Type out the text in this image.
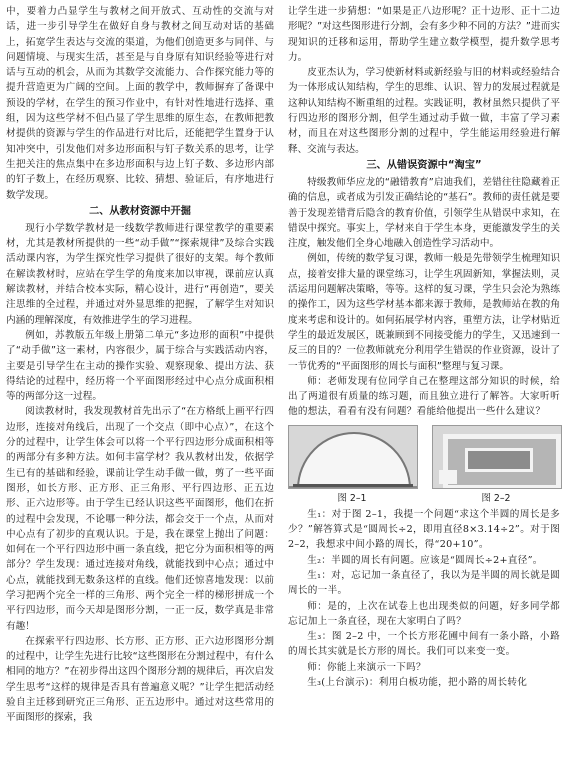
中，要着力凸显学生与教材之间开放式、互动性的交流与对话，进一步引导学生在做好自身与教材之间互动对话的基础上，拓宽学生表达与交流的渠道，为他们创造更多与同伴、与问题情境、与现实生活，甚至是与自身原有知识经验等进行对话与互动的机会，从而为其数学交流能力、合作探究能力等的提升营造更为广阔的空间。上面的教学中，教师摒弃了备课中预设的学材，在学生的预习作业中，有针对性地进行选择、重组，因为这些学材不但凸显了学生思维的原生态，在教师把教材提供的资源与学生的作品进行对比后，还能把学生置身于认知冲突中，引发他们对多边形面积与钉子数关系的思考，让学生把关注的焦点集中在多边形面积与边上钉子数、多边形内部的钉子数上，在经历观察、比较、猜想、验证后，有序地进行数学发现。

二、从教材资源中开掘

现行小学数学教材是一线数学教师进行课堂教学的重要素材，尤其是教材所提供的一些“动手做”“探索规律”及综合实践活动课内容，为学生探究性学习提供了很好的支架。每个教师在解读教材时，应站在学生学的角度来加以审视，课前应认真解读教材，并结合校本实际，精心设计，进行“再创造”，要关注思维的全过程，并通过对外显思维的把握，了解学生对知识内涵的理解深度，有效推进学生的学习进程。

例如，苏教版五年级上册第二单元“多边形的面积”中提供了“动手做”这一素材，内容很少，属于综合与实践活动内容，主要是引导学生在主动的操作实验、观察现象、提出方法、获得结论的过程中，经历将一个平面图形经过中心点分成面积相等的两部分这一过程。

阅读教材时，我发现教材首先出示了“在方格纸上画平行四边形，连接对角线后，出现了一个交点（即中心点）”，在这个分的过程中，让学生体会可以将一个平行四边形分成面积相等的两部分有多种方法。如何丰富学材？我从教材出发，依据学生已有的基础和经验，课前让学生动手做一做，剪了一些平面图形，如长方形、正方形、正三角形、平行四边形、正五边形、正六边形等。由于学生已经认识这些平面图形，他们在折的过程中会发现，不论哪一种分法，都会交于一个点，从而对中心点有了初步的直观认识。于是，我在课堂上抛出了问题：如何在一个平行四边形中画一条直线，把它分为面积相等的两部分？学生发现：通过连接对角线，就能找到中心点；通过中心点，就能找到无数条这样的直线。他们还惊喜地发现：以前学习把两个完全一样的三角形、两个完全一样的梯形拼成一个平行四边形，而今天却是图形分割，一正一反，数学真是非常有趣！

在探索平行四边形、长方形、正方形、正六边形图形分割的过程中，让学生先进行比较“这些图形在分割过程中，有什么相同的地方？”在初步得出这四个图形分割的规律后，再次启发学生思考“这样的规律是否具有普遍意义呢？”让学生把活动经验自主迁移到研究正三角形、正五边形中。通过对这些常用的平面图形的探索，我

让学生进一步猜想：“如果是正八边形呢？正十边形、正十二边形呢？”对这些图形进行分割，会有多少种不同的方法？”进而实现知识的迁移和运用，帮助学生建立数学模型，提升数学思考力。

皮亚杰认为，学习使新材料或新经验与旧的材料或经验结合为一体形成认知结构，学生的思维、认识、智力的发展过程就是这种认知结构不断重组的过程。实践证明，教材虽然只提供了平行四边形的图形分割，但学生通过动手做一做，丰富了学习素材，而且在对这些图形分割的过程中，学生能运用经验进行解释、交流与表达。

三、从错误资源中“淘宝”

特级教师华应龙的“融错教育”启迪我们，差错往往隐藏着正确的信息，或者成为引发正确结论的“基石”。教师的责任就是要善于发现差错背后隐含的教育价值，引领学生从错误中求知，在错误中探究。事实上，学材来自于学生本身，更能激发学生的关注度，触发他们全身心地融入创造性学习活动中。

例如，传统的数学复习课，教师一般是先带领学生梳理知识点，接着安排大量的课堂练习，让学生巩固新知，掌握法则，灵活运用问题解决策略，等等。这样的复习课，学生只会沦为熟练的操作工，因为这些学材基本都来源于教师，是教师站在教的角度来考虑和设计的。如何拓展学材内容，重塑方法，让学材贴近学生的最近发展区，既兼顾到不同接受能力的学生，又迅速到一反三的目的？一位教师就充分利用学生错误的作业资源，设计了一节优秀的“平面图形的周长与面积”整理与复习课。

师：老师发现有位同学自己在整理这部分知识的时候，给出了两道很有质量的练习题，而且独立进行了解答。大家听听他的想法，看看有没有问题？看能给他提出一些什么建议？

图 2–1	图 2–2

生₁：对于图 2–1，我提一个问题“求这个半圆的周长是多少？”解答算式是“圆周长÷2，即用直径8×3.14÷2”。对于图 2–2，我想求中间小路的周长，得“20+10”。

生₂：半圆的周长有问题。应该是“圆周长÷2+直径”。

生₁：对，忘记加一条直径了，我以为是半圆的周长就是圆周长的一半。

师：是的，上次在试卷上也出现类似的问题，好多同学都忘记加上一条直径，现在大家明白了吗？

生₃：图 2–2 中，一个长方形花圃中间有一条小路，小路的周长其实就是长方形的周长。我们可以来变一变。

师：你能上来演示一下吗？

生₃(上台演示)：利用白板功能，把小路的周长转化
